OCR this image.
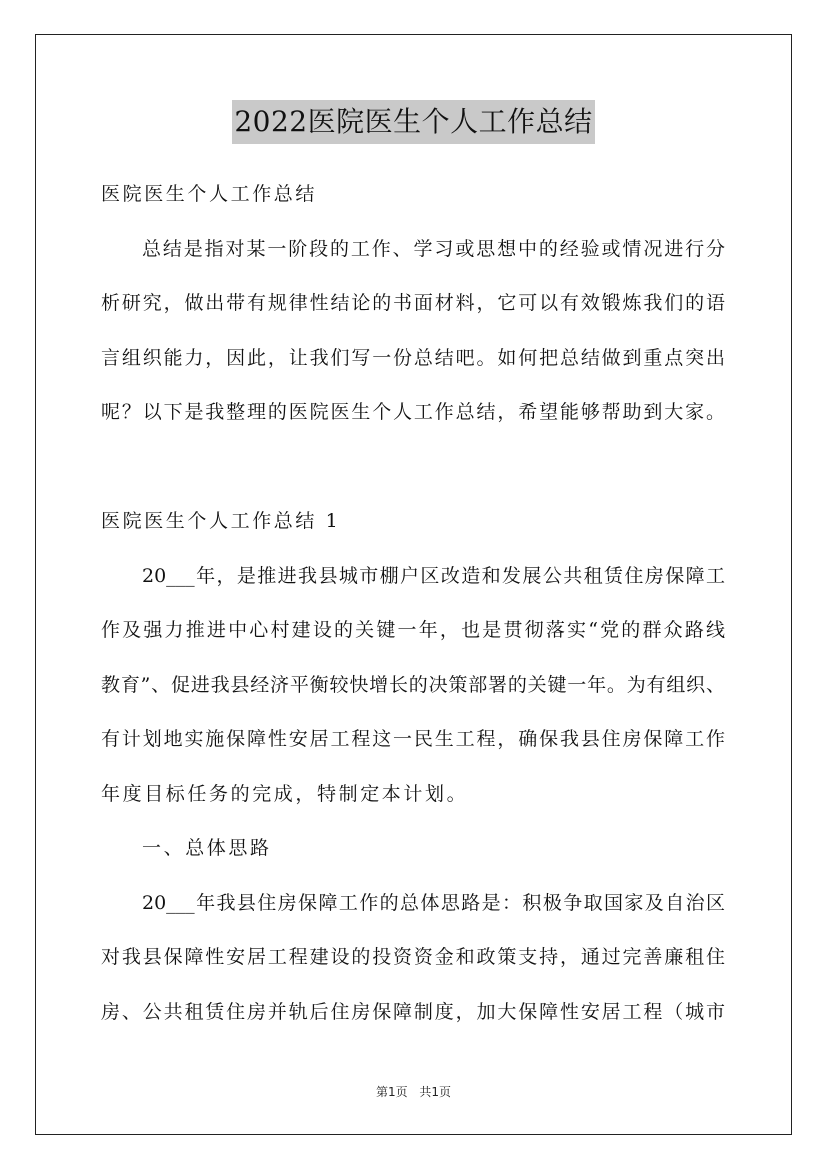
2022医院医生个人工作总结
医院医生个人工作总结
总结是指对某一阶段的工作、学习或思想中的经验或情况进行分
析研究，做出带有规律性结论的书面材料，它可以有效锻炼我们的语
言组织能力，因此，让我们写一份总结吧。如何把总结做到重点突出
呢？以下是我整理的医院医生个人工作总结，希望能够帮助到大家。
医院医生个人工作总结 1
20___年，是推进我县城市棚户区改造和发展公共租赁住房保障工
作及强力推进中心村建设的关键一年，也是贯彻落实“党的群众路线
教育”、促进我县经济平衡较快增长的决策部署的关键一年。为有组织、
有计划地实施保障性安居工程这一民生工程，确保我县住房保障工作
年度目标任务的完成，特制定本计划。
一、总体思路
20___年我县住房保障工作的总体思路是：积极争取国家及自治区
对我县保障性安居工程建设的投资资金和政策支持，通过完善廉租住
房、公共租赁住房并轨后住房保障制度，加大保障性安居工程（城市
第1页 共1页
